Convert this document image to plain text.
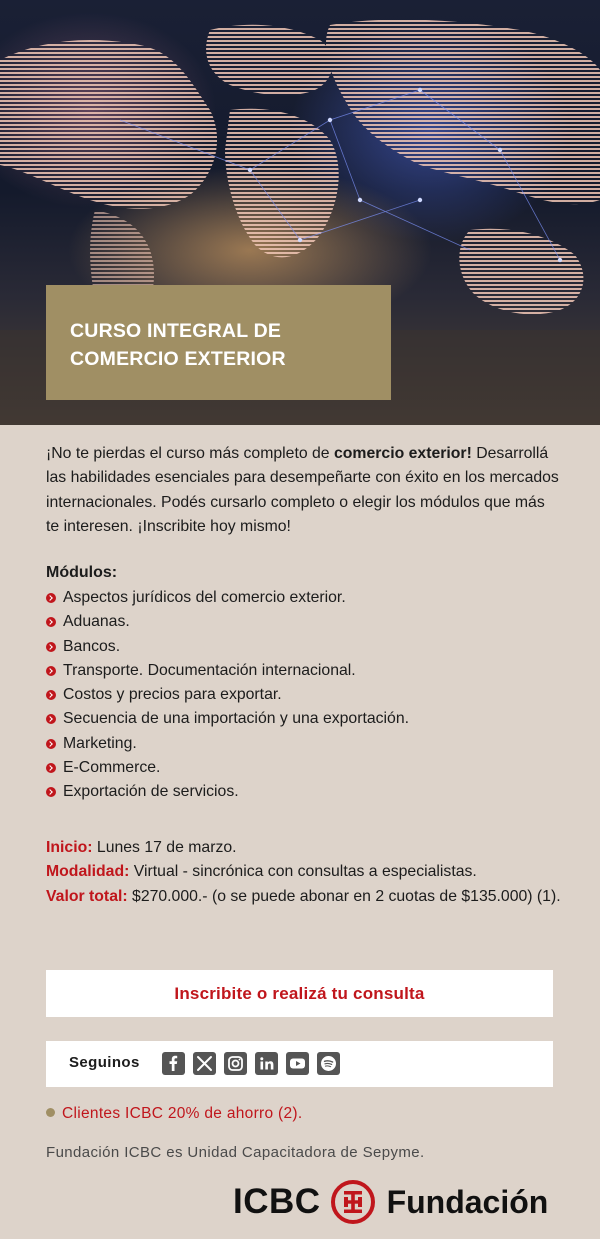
CURSO INTEGRAL DE
COMERCIO EXTERIOR
¡No te pierdas el curso más completo de comercio exterior! Desarrollá las habilidades esenciales para desempeñarte con éxito en los mercados internacionales. Podés cursarlo completo o elegir los módulos que más te interesen. ¡Inscribite hoy mismo!
Módulos:
Aspectos jurídicos del comercio exterior.
Aduanas.
Bancos.
Transporte. Documentación internacional.
Costos y precios para exportar.
Secuencia de una importación y una exportación.
Marketing.
E-Commerce.
Exportación de servicios.
Inicio: Lunes 17 de marzo.
Modalidad: Virtual - sincrónica con consultas a especialistas.
Valor total: $270.000.- (o se puede abonar en 2 cuotas de $135.000) (1).
Inscribite o realizá tu consulta
Seguinos
Clientes ICBC 20% de ahorro (2).
Fundación ICBC es Unidad Capacitadora de Sepyme.
ICBC Fundación
